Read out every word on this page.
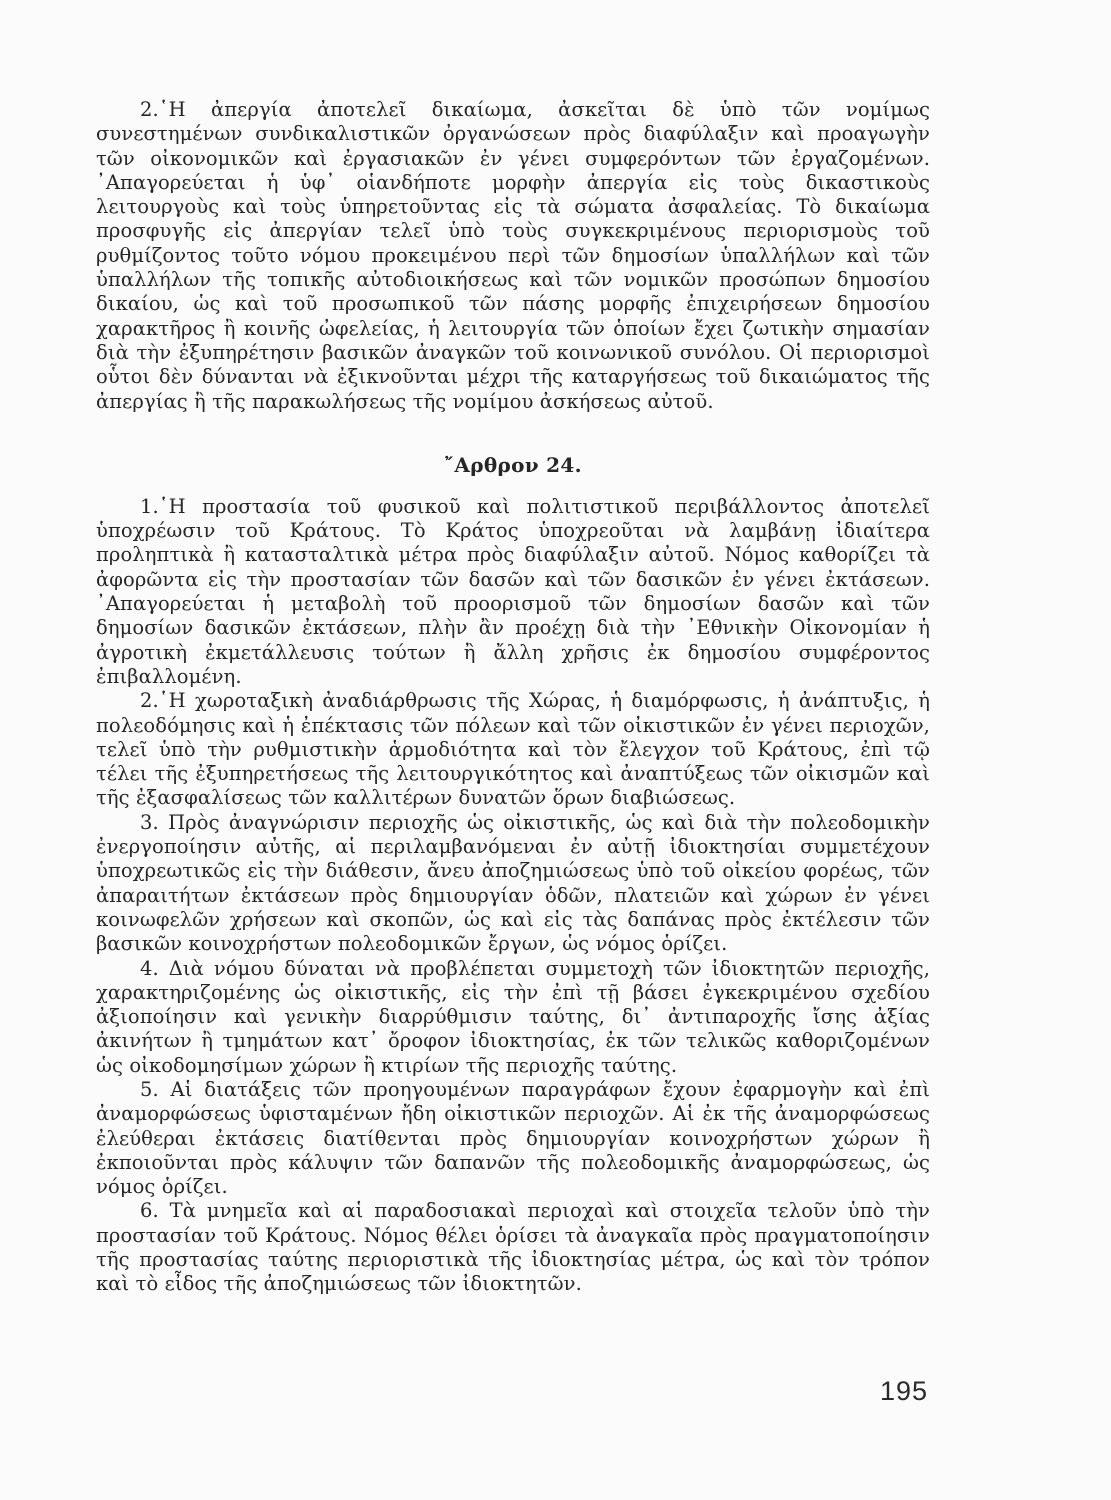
2.῾Η ἀπεργία ἀποτελεῖ δικαίωμα, ἀσκεῖται δὲ ὑπὸ τῶν νομίμως συνεστημένων συνδικαλιστικῶν ὀργανώσεων πρὸς διαφύλαξιν καὶ προαγωγὴν τῶν οἰκονομικῶν καὶ ἐργασιακῶν ἐν γένει συμφερόντων τῶν ἐργαζομένων. ᾿Απαγορεύεται ἡ ὑφ᾿ οἱανδήποτε μορφὴν ἀπεργία εἰς τοὺς δικαστικοὺς λειτουργοὺς καὶ τοὺς ὑπηρετοῦντας εἰς τὰ σώματα ἀσφαλείας. Τὸ δικαίωμα προσφυγῆς εἰς ἀπεργίαν τελεῖ ὑπὸ τοὺς συγκεκριμένους περιορισμοὺς τοῦ ρυθμίζοντος τοῦτο νόμου προκειμένου περὶ τῶν δημοσίων ὑπαλλήλων καὶ τῶν ὑπαλλήλων τῆς τοπικῆς αὐτοδιοικήσεως καὶ τῶν νομικῶν προσώπων δημοσίου δικαίου, ὡς καὶ τοῦ προσωπικοῦ τῶν πάσης μορφῆς ἐπιχειρήσεων δημοσίου χαρακτῆρος ἢ κοινῆς ὠφελείας, ἡ λειτουργία τῶν ὁποίων ἔχει ζωτικὴν σημασίαν διὰ τὴν ἐξυπηρέτησιν βασικῶν ἀναγκῶν τοῦ κοινωνικοῦ συνόλου. Οἱ περιορισμοὶ οὗτοι δὲν δύνανται νὰ ἐξικνοῦνται μέχρι τῆς καταργήσεως τοῦ δικαιώματος τῆς ἀπεργίας ἢ τῆς παρακωλήσεως τῆς νομίμου ἀσκήσεως αὐτοῦ.

῎Αρθρον 24.

1.῾Η προστασία τοῦ φυσικοῦ καὶ πολιτιστικοῦ περιβάλλοντος ἀποτελεῖ ὑποχρέωσιν τοῦ Κράτους. Τὸ Κράτος ὑποχρεοῦται νὰ λαμβάνῃ ἰδιαίτερα προληπτικὰ ἢ κατασταλτικὰ μέτρα πρὸς διαφύλαξιν αὐτοῦ. Νόμος καθορίζει τὰ ἀφορῶντα εἰς τὴν προστασίαν τῶν δασῶν καὶ τῶν δασικῶν ἐν γένει ἐκτάσεων. ᾿Απαγορεύεται ἡ μεταβολὴ τοῦ προορισμοῦ τῶν δημοσίων δασῶν καὶ τῶν δημοσίων δασικῶν ἐκτάσεων, πλὴν ἂν προέχῃ διὰ τὴν ᾿Εθνικὴν Οἰκονομίαν ἡ ἀγροτικὴ ἐκμετάλλευσις τούτων ἢ ἄλλη χρῆσις ἐκ δημοσίου συμφέροντος ἐπιβαλλομένη.

2.῾Η χωροταξικὴ ἀναδιάρθρωσις τῆς Χώρας, ἡ διαμόρφωσις, ἡ ἀνάπτυξις, ἡ πολεοδόμησις καὶ ἡ ἐπέκτασις τῶν πόλεων καὶ τῶν οἰκιστικῶν ἐν γένει περιοχῶν, τελεῖ ὑπὸ τὴν ρυθμιστικὴν ἁρμοδιότητα καὶ τὸν ἔλεγχον τοῦ Κράτους, ἐπὶ τῷ τέλει τῆς ἐξυπηρετήσεως τῆς λειτουργικότητος καὶ ἀναπτύξεως τῶν οἰκισμῶν καὶ τῆς ἐξασφαλίσεως τῶν καλλιτέρων δυνατῶν ὅρων διαβιώσεως.

3. Πρὸς ἀναγνώρισιν περιοχῆς ὡς οἰκιστικῆς, ὡς καὶ διὰ τὴν πολεοδομικὴν ἐνεργοποίησιν αὐτῆς, αἱ περιλαμβανόμεναι ἐν αὐτῇ ἰδιοκτησίαι συμμετέχουν ὑποχρεωτικῶς εἰς τὴν διάθεσιν, ἄνευ ἀποζημιώσεως ὑπὸ τοῦ οἰκείου φορέως, τῶν ἀπαραιτήτων ἐκτάσεων πρὸς δημιουργίαν ὁδῶν, πλατειῶν καὶ χώρων ἐν γένει κοινωφελῶν χρήσεων καὶ σκοπῶν, ὡς καὶ εἰς τὰς δαπάνας πρὸς ἐκτέλεσιν τῶν βασικῶν κοινοχρήστων πολεοδομικῶν ἔργων, ὡς νόμος ὁρίζει.

4. Διὰ νόμου δύναται νὰ προβλέπεται συμμετοχὴ τῶν ἰδιοκτητῶν περιοχῆς, χαρακτηριζομένης ὡς οἰκιστικῆς, εἰς τὴν ἐπὶ τῇ βάσει ἐγκεκριμένου σχεδίου ἀξιοποίησιν καὶ γενικὴν διαρρύθμισιν ταύτης, δι᾿ ἀντιπαροχῆς ἴσης ἀξίας ἀκινήτων ἢ τμημάτων κατ᾿ ὄροφον ἰδιοκτησίας, ἐκ τῶν τελικῶς καθοριζομένων ὡς οἰκοδομησίμων χώρων ἢ κτιρίων τῆς περιοχῆς ταύτης.

5. Αἱ διατάξεις τῶν προηγουμένων παραγράφων ἔχουν ἐφαρμογὴν καὶ ἐπὶ ἀναμορφώσεως ὑφισταμένων ἤδη οἰκιστικῶν περιοχῶν. Αἱ ἐκ τῆς ἀναμορφώσεως ἐλεύθεραι ἐκτάσεις διατίθενται πρὸς δημιουργίαν κοινοχρήστων χώρων ἢ ἐκποιοῦνται πρὸς κάλυψιν τῶν δαπανῶν τῆς πολεοδομικῆς ἀναμορφώσεως, ὡς νόμος ὁρίζει.

6. Τὰ μνημεῖα καὶ αἱ παραδοσιακαὶ περιοχαὶ καὶ στοιχεῖα τελοῦν ὑπὸ τὴν προστασίαν τοῦ Κράτους. Νόμος θέλει ὁρίσει τὰ ἀναγκαῖα πρὸς πραγματοποίησιν τῆς προστασίας ταύτης περιοριστικὰ τῆς ἰδιοκτησίας μέτρα, ὡς καὶ τὸν τρόπον καὶ τὸ εἶδος τῆς ἀποζημιώσεως τῶν ἰδιοκτητῶν.

195
